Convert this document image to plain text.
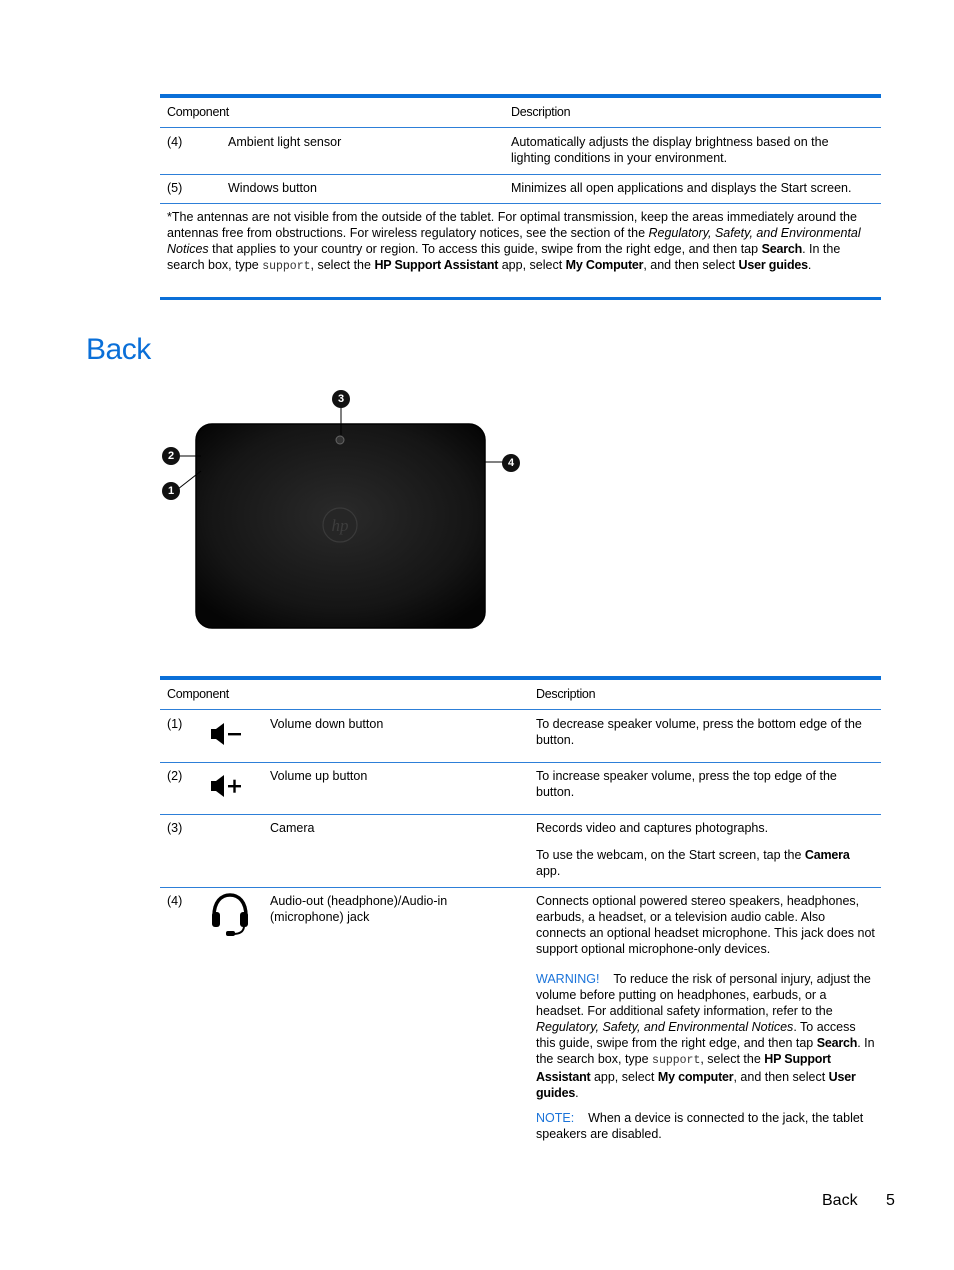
Component	Description
(4)	Ambient light sensor	Automatically adjusts the display brightness based on the lighting conditions in your environment.
(5)	Windows button	Minimizes all open applications and displays the Start screen.
*The antennas are not visible from the outside of the tablet. For optimal transmission, keep the areas immediately around the antennas free from obstructions. For wireless regulatory notices, see the section of the Regulatory, Safety, and Environmental Notices that applies to your country or region. To access this guide, swipe from the right edge, and then tap Search. In the search box, type support, select the HP Support Assistant app, select My Computer, and then select User guides.
Back
hp
1
2
3
4
Component	Description
(1)	Volume down button	To decrease speaker volume, press the bottom edge of the button.
(2)	Volume up button	To increase speaker volume, press the top edge of the button.
(3)	Camera	Records video and captures photographs.
To use the webcam, on the Start screen, tap the Camera app.
(4)	Audio-out (headphone)/Audio-in (microphone) jack
Connects optional powered stereo speakers, headphones, earbuds, a headset, or a television audio cable. Also connects an optional headset microphone. This jack does not support optional microphone-only devices.
WARNING! To reduce the risk of personal injury, adjust the volume before putting on headphones, earbuds, or a headset. For additional safety information, refer to the Regulatory, Safety, and Environmental Notices. To access this guide, swipe from the right edge, and then tap Search. In the search box, type support, select the HP Support Assistant app, select My computer, and then select User guides.
NOTE: When a device is connected to the jack, the tablet speakers are disabled.
Back 5
